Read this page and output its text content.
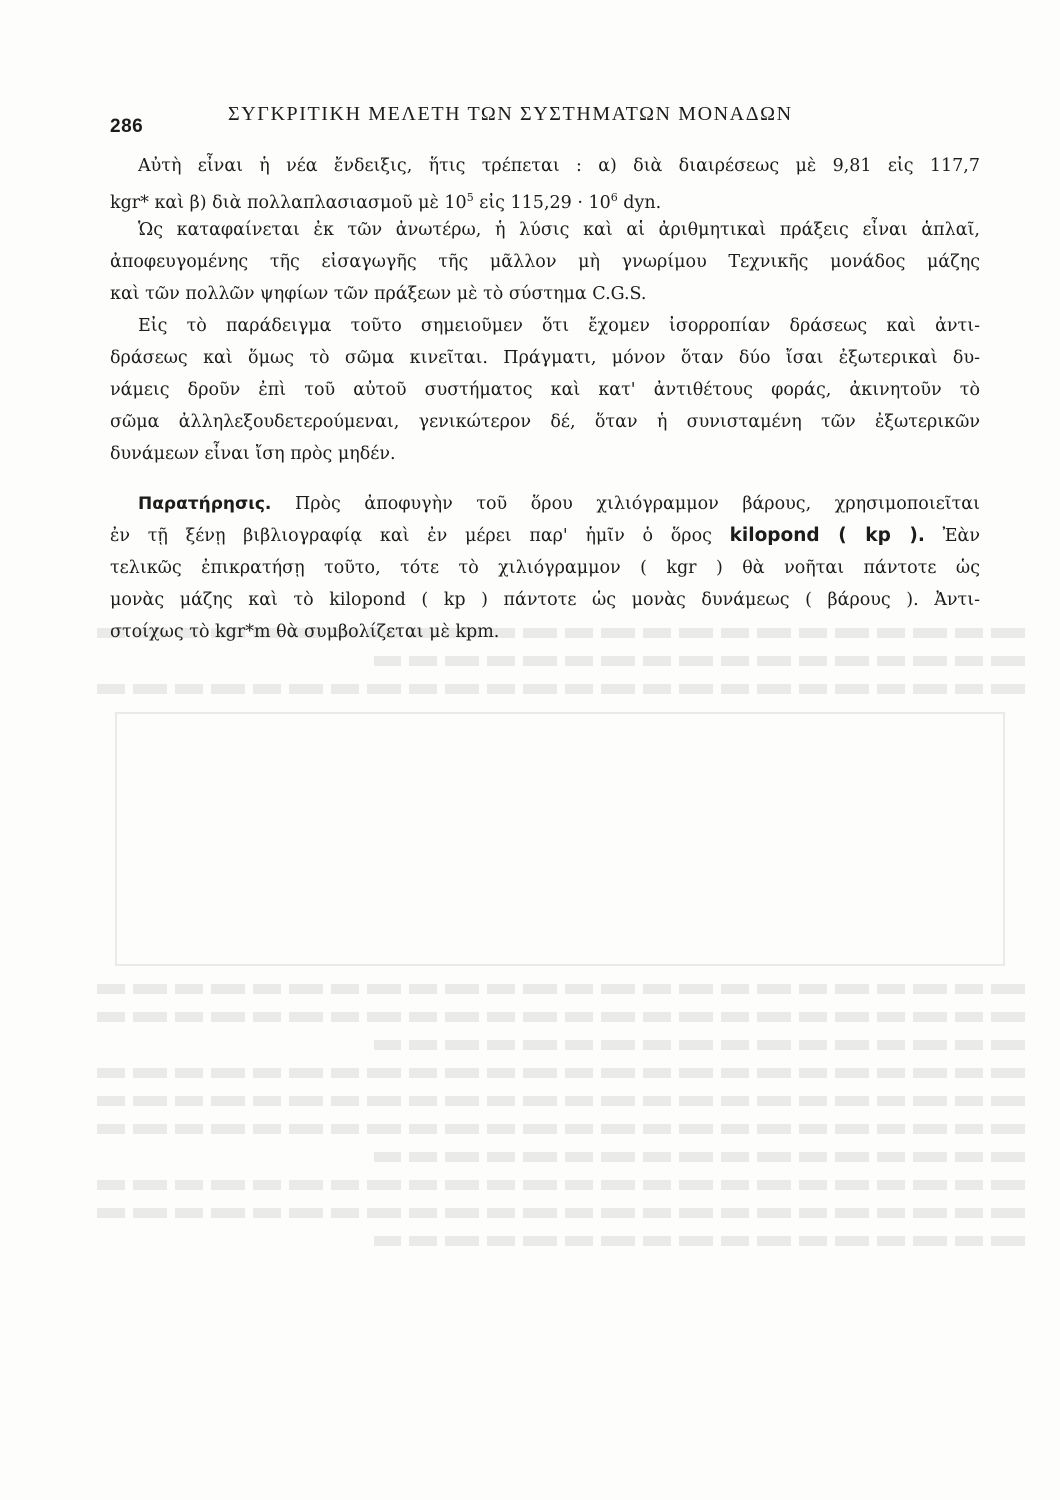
286
ΣΥΓΚΡΙΤΙΚΗ ΜΕΛΕΤΗ ΤΩΝ ΣΥΣΤΗΜΑΤΩΝ ΜΟΝΑΔΩΝ
Αὐτὴ εἶναι ἡ νέα ἔνδειξις, ἥτις τρέπεται : α) διὰ διαιρέσεως μὲ 9,81 εἰς 117,7
kgr* καὶ β) διὰ πολλαπλασιασμοῦ μὲ $10^5$ εἰς $115,29 \cdot 10^6$ dyn.
Ὡς καταφαίνεται ἐκ τῶν ἀνωτέρω, ἡ λύσις καὶ αἱ ἀριθμητικαὶ πράξεις εἶναι ἁπλαῖ,
ἀποφευγομένης τῆς εἰσαγωγῆς τῆς μᾶλλον μὴ γνωρίμου Τεχνικῆς μονάδος μάζης
καὶ τῶν πολλῶν ψηφίων τῶν πράξεων μὲ τὸ σύστημα C.G.S.
Εἰς τὸ παράδειγμα τοῦτο σημειοῦμεν ὅτι ἔχομεν ἰσορροπίαν δράσεως καὶ ἀντι-
δράσεως καὶ ὅμως τὸ σῶμα κινεῖται. Πράγματι, μόνον ὅταν δύο ἴσαι ἐξωτερικαὶ δυ-
νάμεις δροῦν ἐπὶ τοῦ αὐτοῦ συστήματος καὶ κατ' ἀντιθέτους φοράς, ἀκινητοῦν τὸ
σῶμα ἀλληλεξουδετερούμεναι, γενικώτερον δέ, ὅταν ἡ συνισταμένη τῶν ἐξωτερικῶν
δυνάμεων εἶναι ἴση πρὸς μηδέν.
Παρατήρησις. Πρὸς ἀποφυγὴν τοῦ ὅρου χιλιόγραμμον βάρους, χρησιμοποιεῖται
ἐν τῇ ξένῃ βιβλιογραφίᾳ καὶ ἐν μέρει παρ' ἡμῖν ὁ ὅρος kilopond ( kp ). Ἐὰν
τελικῶς ἐπικρατήσῃ τοῦτο, τότε τὸ χιλιόγραμμον ( kgr ) θὰ νοῆται πάντοτε ὡς
μονὰς μάζης καὶ τὸ kilopond ( kp ) πάντοτε ὡς μονὰς δυνάμεως ( βάρους ). Ἀντι-
στοίχως τὸ kgr*m θὰ συμβολίζεται μὲ kpm.
